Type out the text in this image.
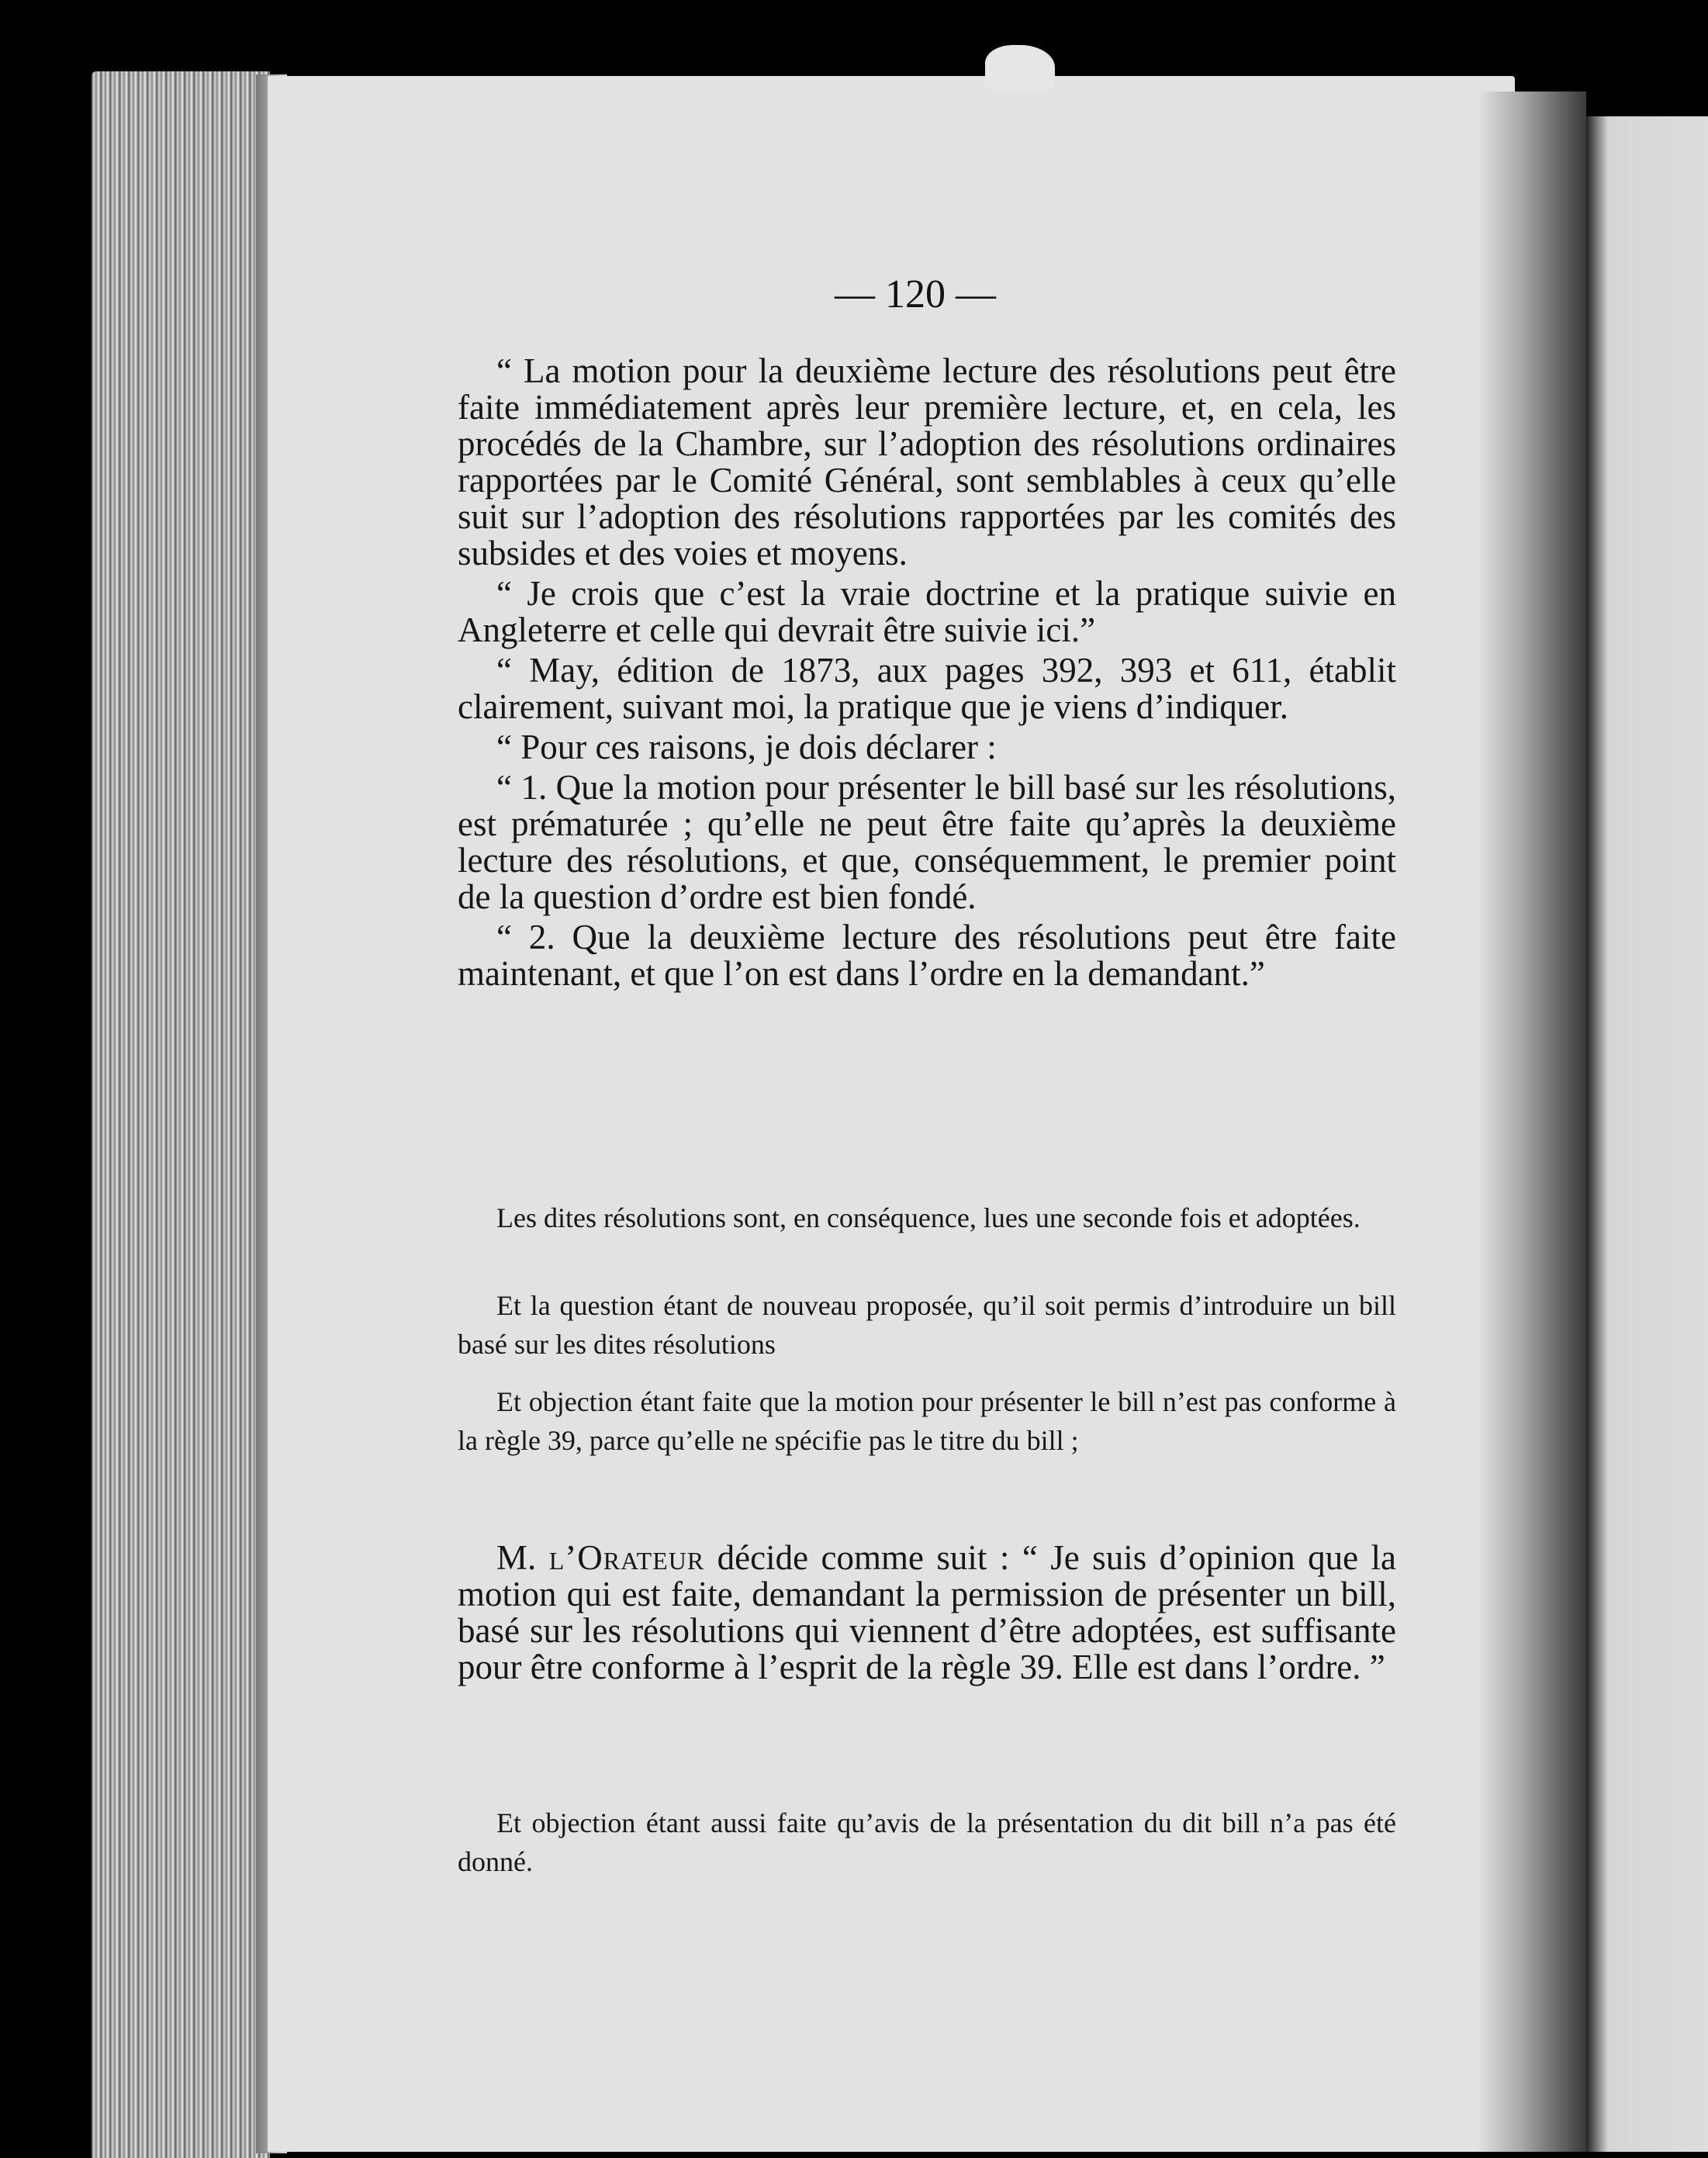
— 120 —

“ La motion pour la deuxième lecture des résolutions peut être faite immédiatement après leur première lecture, et, en cela, les procédés de la Chambre, sur l’adoption des résolutions ordinaires rapportées par le Comité Général, sont semblables à ceux qu’elle suit sur l’adoption des résolutions rapportées par les comités des subsides et des voies et moyens.

“ Je crois que c’est la vraie doctrine et la pratique suivie en Angleterre et celle qui devrait être suivie ici.”

“ May, édition de 1873, aux pages 392, 393 et 611, établit clairement, suivant moi, la pratique que je viens d’indiquer.

“ Pour ces raisons, je dois déclarer :

“ 1. Que la motion pour présenter le bill basé sur les résolutions, est prématurée ; qu’elle ne peut être faite qu’après la deuxième lecture des résolutions, et que, conséquemment, le premier point de la question d’ordre est bien fondé.

“ 2. Que la deuxième lecture des résolutions peut être faite maintenant, et que l’on est dans l’ordre en la demandant.”

Les dites résolutions sont, en conséquence, lues une seconde fois et adoptées.

Et la question étant de nouveau proposée, qu’il soit permis d’introduire un bill basé sur les dites résolutions

Et objection étant faite que la motion pour présenter le bill n’est pas conforme à la règle 39, parce qu’elle ne spécifie pas le titre du bill ;

M. l’Orateur décide comme suit : “ Je suis d’opinion que la motion qui est faite, demandant la permission de présenter un bill, basé sur les résolutions qui viennent d’être adoptées, est suffisante pour être conforme à l’esprit de la règle 39. Elle est dans l’ordre. ”

Et objection étant aussi faite qu’avis de la présentation du dit bill n’a pas été donné.
